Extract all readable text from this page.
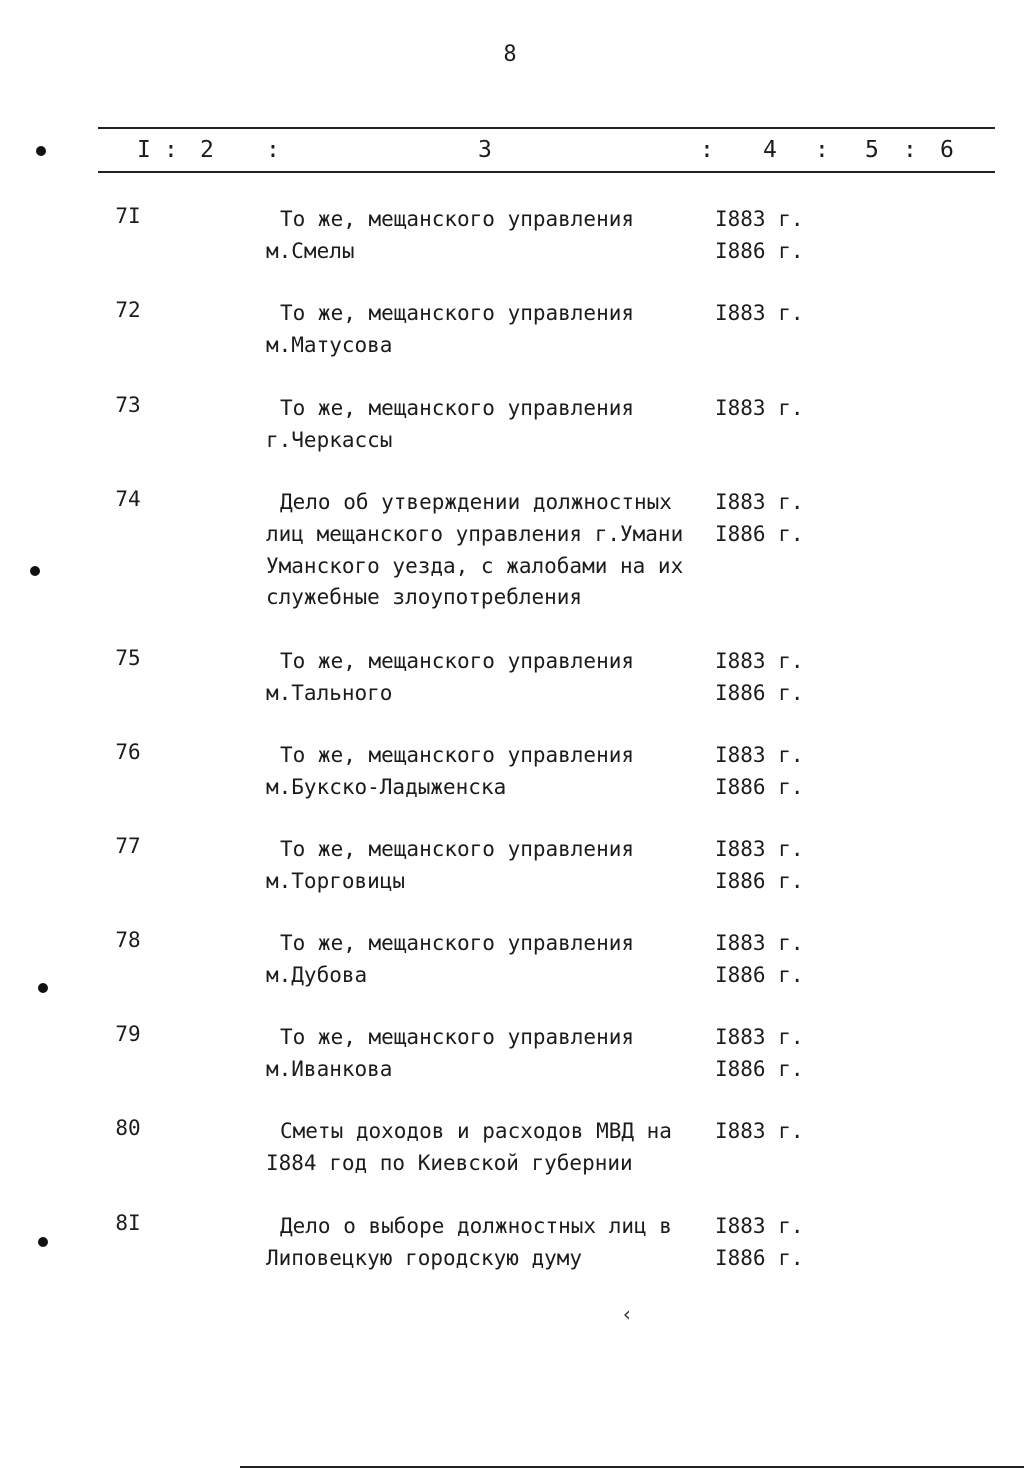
8
I : 2 :	3	: 4 : 5 : 6
7I	То же, мещанского управления
м.Смелы
I883 г.
I886 г.
72	То же, мещанского управления
м.Матусова
I883 г.
73	То же, мещанского управления
г.Черкассы
I883 г.
74	Дело об утверждении должностных
лиц мещанского управления г.Умани
Уманского уезда, с жалобами на их
служебные злоупотребления
I883 г.
I886 г.
75	То же, мещанского управления
м.Тального
I883 г.
I886 г.
76	То же, мещанского управления
м.Букско-Ладыженска
I883 г.
I886 г.
77	То же, мещанского управления
м.Торговицы
I883 г.
I886 г.
78	То же, мещанского управления
м.Дубова
I883 г.
I886 г.
79	То же, мещанского управления
м.Иванкова
I883 г.
I886 г.
80	Сметы доходов и расходов МВД на
I884 год по Киевской губернии
I883 г.
8I	Дело о выборе должностных лиц в
Липовецкую городскую думу
I883 г.
I886 г.
‹
